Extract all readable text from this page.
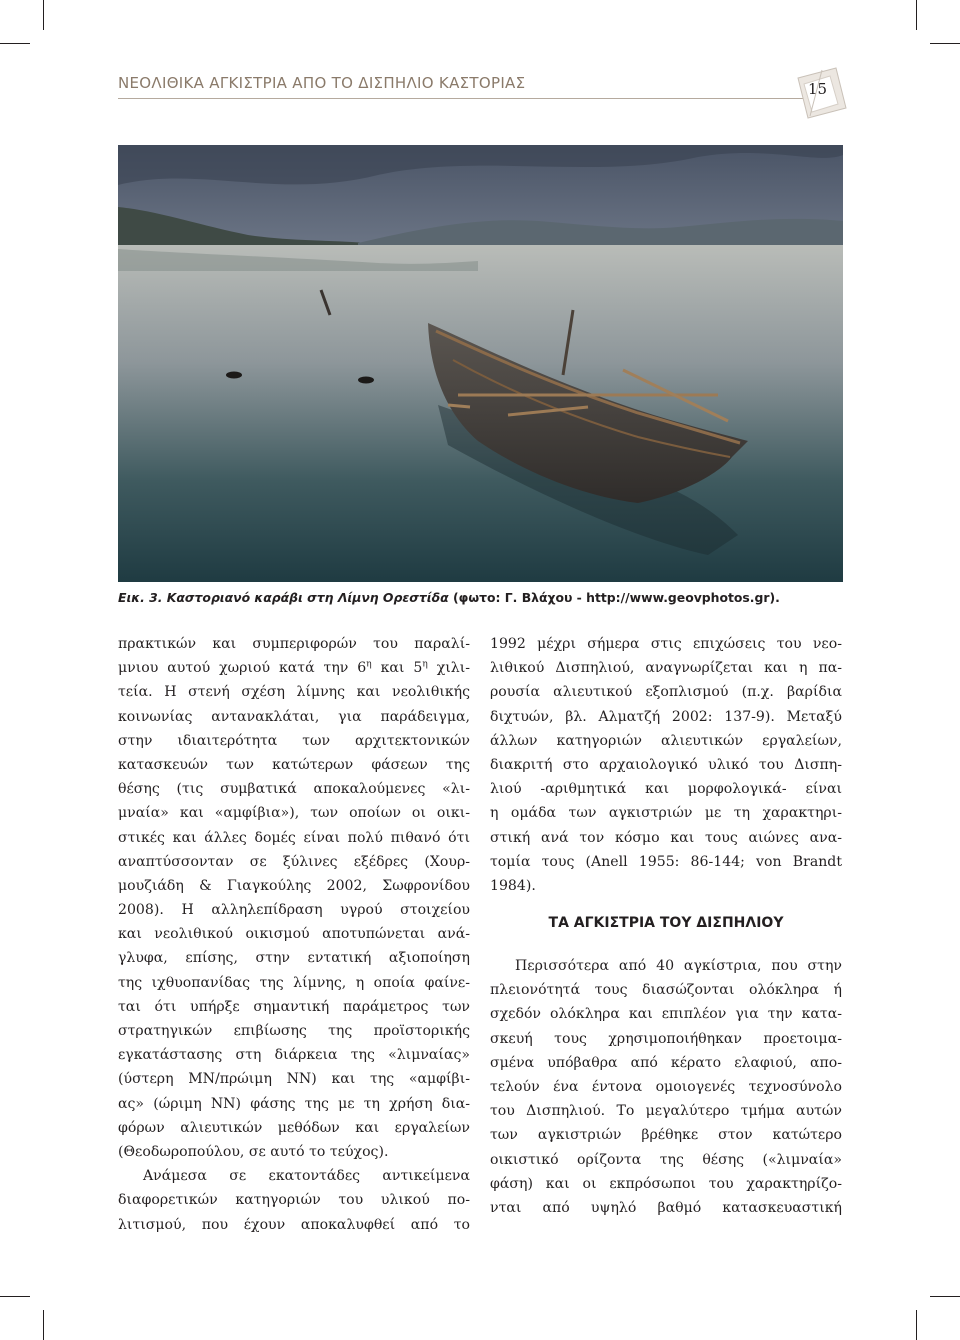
ΝΕΟΛΙΘΙΚΑ ΑΓΚΙΣΤΡΙΑ ΑΠΟ ΤΟ ΔΙΣΠΗΛΙΟ ΚΑΣΤΟΡΙΑΣ	15
Εικ. 3. Καστοριανό καράβι στη Λίμνη Ορεστίδα (φωτο: Γ. Βλάχου - http://www.geovphotos.gr).
πρακτικών και συμπεριφορών του παραλί-
μνιου αυτού χωριού κατά την $6^\eta$ και $5^\eta$ χιλι-
τεία. Η στενή σχέση λίμνης και νεολιθικής
κοινωνίας αντανακλάται, για παράδειγμα,
στην ιδιαιτερότητα των αρχιτεκτονικών
κατασκευών των κατώτερων φάσεων της
θέσης (τις συμβατικά αποκαλούμενες «λι-
μναία» και «αμφίβια»), των οποίων οι οικι-
στικές και άλλες δομές είναι πολύ πιθανό ότι
αναπτύσσονταν σε ξύλινες εξέδρες (Χουρ-
μουζιάδη & Γιαγκούλης 2002, Σωφρονίδου
2008). Η αλληλεπίδραση υγρού στοιχείου
και νεολιθικού οικισμού αποτυπώνεται ανά-
γλυφα, επίσης, στην εντατική αξιοποίηση
της ιχθυοπανίδας της λίμνης, η οποία φαίνε-
ται ότι υπήρξε σημαντική παράμετρος των
στρατηγικών επιβίωσης της προϊστορικής
εγκατάστασης στη διάρκεια της «λιμναίας»
(ύστερη ΜΝ/πρώιμη ΝΝ) και της «αμφίβι-
ας» (ώριμη ΝΝ) φάσης της με τη χρήση δια-
φόρων αλιευτικών μεθόδων και εργαλείων
(Θεοδωροπούλου, σε αυτό το τεύχος).
Ανάμεσα σε εκατοντάδες αντικείμενα
διαφορετικών κατηγοριών του υλικού πο-
λιτισμού, που έχουν αποκαλυφθεί από το
1992 μέχρι σήμερα στις επιχώσεις του νεο-
λιθικού Δισπηλιού, αναγνωρίζεται και η πα-
ρουσία αλιευτικού εξοπλισμού (π.χ. βαρίδια
διχτυών, βλ. Αλματζή 2002: 137-9). Μεταξύ
άλλων κατηγοριών αλιευτικών εργαλείων,
διακριτή στο αρχαιολογικό υλικό του Δισπη-
λιού -αριθμητικά και μορφολογικά- είναι
η ομάδα των αγκιστριών με τη χαρακτηρι-
στική ανά τον κόσμο και τους αιώνες ανα-
τομία τους (Anell 1955: 86-144; von Brandt
1984).
ΤΑ ΑΓΚΙΣΤΡΙΑ ΤΟΥ ΔΙΣΠΗΛΙΟΥ
Περισσότερα από 40 αγκίστρια, που στην
πλειονότητά τους διασώζονται ολόκληρα ή
σχεδόν ολόκληρα και επιπλέον για την κατα-
σκευή τους χρησιμοποιήθηκαν προετοιμα-
σμένα υπόβαθρα από κέρατο ελαφιού, απο-
τελούν ένα έντονα ομοιογενές τεχνοσύνολο
του Δισπηλιού. Το μεγαλύτερο τμήμα αυτών
των αγκιστριών βρέθηκε στον κατώτερο
οικιστικό ορίζοντα της θέσης («λιμναία»
φάση) και οι εκπρόσωποι του χαρακτηρίζο-
νται από υψηλό βαθμό κατασκευαστική
